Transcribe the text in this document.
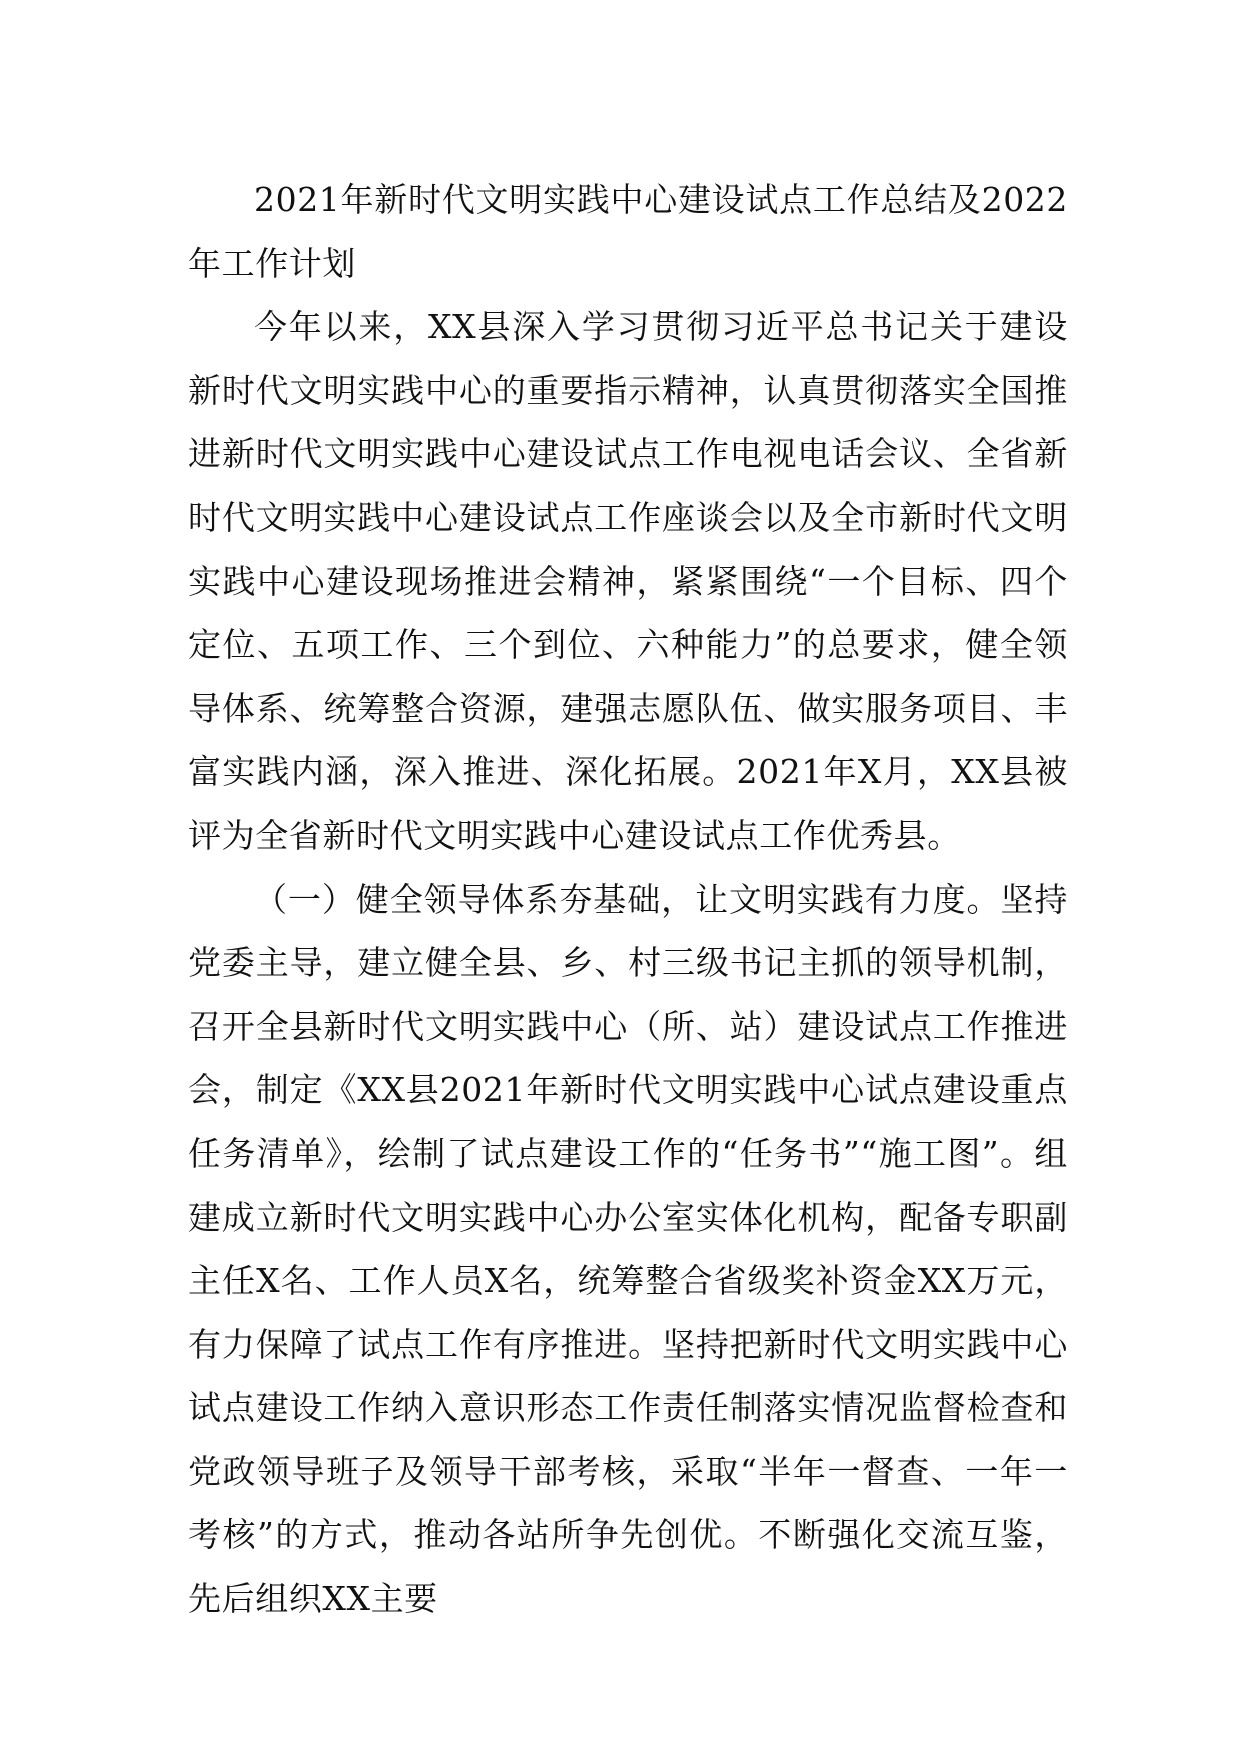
2021年新时代文明实践中心建设试点工作总结及2022年工作计划

今年以来，XX县深入学习贯彻习近平总书记关于建设新时代文明实践中心的重要指示精神，认真贯彻落实全国推进新时代文明实践中心建设试点工作电视电话会议、全省新时代文明实践中心建设试点工作座谈会以及全市新时代文明实践中心建设现场推进会精神，紧紧围绕“一个目标、四个定位、五项工作、三个到位、六种能力”的总要求，健全领导体系、统筹整合资源，建强志愿队伍、做实服务项目、丰富实践内涵，深入推进、深化拓展。2021年X月，XX县被评为全省新时代文明实践中心建设试点工作优秀县。

（一）健全领导体系夯基础，让文明实践有力度。坚持党委主导，建立健全县、乡、村三级书记主抓的领导机制，召开全县新时代文明实践中心（所、站）建设试点工作推进会，制定《XX县2021年新时代文明实践中心试点建设重点任务清单》，绘制了试点建设工作的“任务书”“施工图”。组建成立新时代文明实践中心办公室实体化机构，配备专职副主任X名、工作人员X名，统筹整合省级奖补资金XX万元，有力保障了试点工作有序推进。坚持把新时代文明实践中心试点建设工作纳入意识形态工作责任制落实情况监督检查和党政领导班子及领导干部考核，采取“半年一督查、一年一考核”的方式，推动各站所争先创优。不断强化交流互鉴，先后组织XX主要
